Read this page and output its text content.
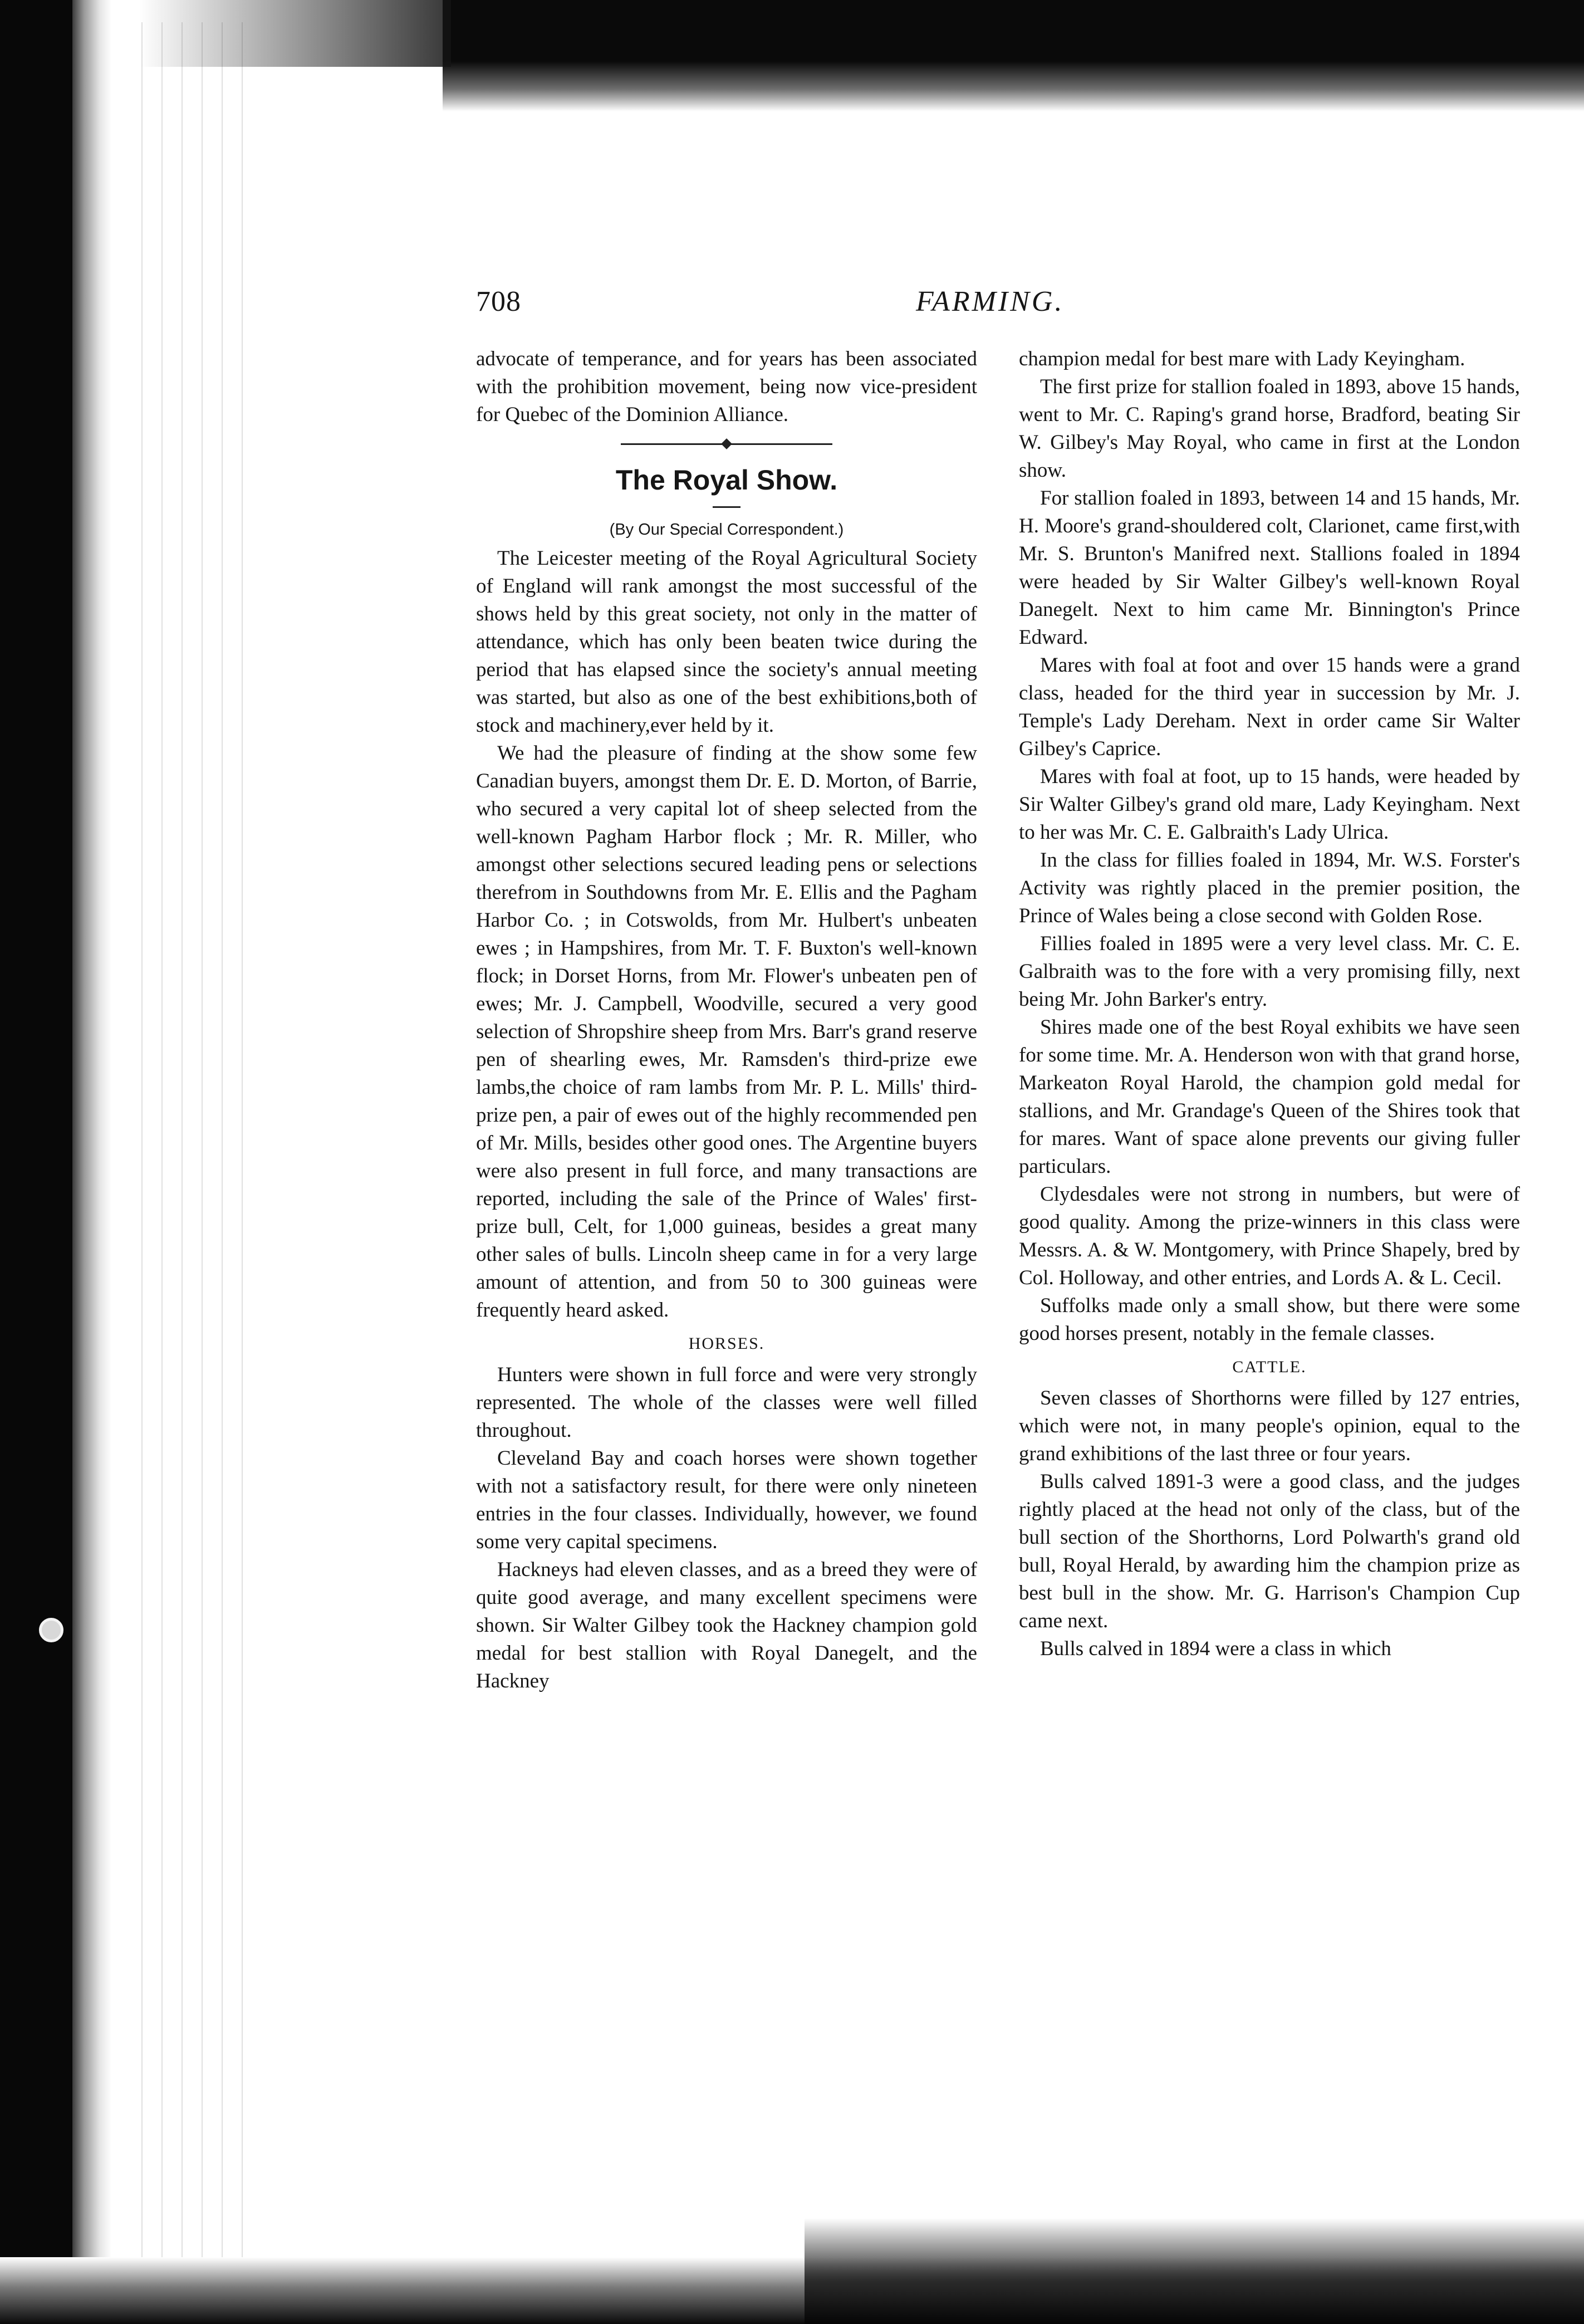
708	FARMING.

advocate of temperance, and for years has been associated with the prohibition movement, being now vice-president for Quebec of the Dominion Alliance.

The Royal Show.
(By Our Special Correspondent.)

The Leicester meeting of the Royal Agricultural Society of England will rank amongst the most successful of the shows held by this great society, not only in the matter of attendance, which has only been beaten twice during the period that has elapsed since the society's annual meeting was started, but also as one of the best exhibitions,both of stock and machinery,ever held by it.

We had the pleasure of finding at the show some few Canadian buyers, amongst them Dr. E. D. Morton, of Barrie, who secured a very capital lot of sheep selected from the well-known Pagham Harbor flock ; Mr. R. Miller, who amongst other selections secured leading pens or selections therefrom in Southdowns from Mr. E. Ellis and the Pagham Harbor Co. ; in Cotswolds, from Mr. Hulbert's unbeaten ewes ; in Hampshires, from Mr. T. F. Buxton's well-known flock; in Dorset Horns, from Mr. Flower's unbeaten pen of ewes; Mr. J. Campbell, Woodville, secured a very good selection of Shropshire sheep from Mrs. Barr's grand reserve pen of shearling ewes, Mr. Ramsden's third-prize ewe lambs,the choice of ram lambs from Mr. P. L. Mills' third-prize pen, a pair of ewes out of the highly recommended pen of Mr. Mills, besides other good ones. The Argentine buyers were also present in full force, and many transactions are reported, including the sale of the Prince of Wales' first-prize bull, Celt, for 1,000 guineas, besides a great many other sales of bulls. Lincoln sheep came in for a very large amount of attention, and from 50 to 300 guineas were frequently heard asked.

HORSES.

Hunters were shown in full force and were very strongly represented. The whole of the classes were well filled throughout.

Cleveland Bay and coach horses were shown together with not a satisfactory result, for there were only nineteen entries in the four classes. Individually, however, we found some very capital specimens.

Hackneys had eleven classes, and as a breed they were of quite good average, and many excellent specimens were shown. Sir Walter Gilbey took the Hackney champion gold medal for best stallion with Royal Danegelt, and the Hackney

champion medal for best mare with Lady Keyingham.

The first prize for stallion foaled in 1893, above 15 hands, went to Mr. C. Raping's grand horse, Bradford, beating Sir W. Gilbey's May Royal, who came in first at the London show.

For stallion foaled in 1893, between 14 and 15 hands, Mr. H. Moore's grand-shouldered colt, Clarionet, came first,with Mr. S. Brunton's Manifred next. Stallions foaled in 1894 were headed by Sir Walter Gilbey's well-known Royal Danegelt. Next to him came Mr. Binnington's Prince Edward.

Mares with foal at foot and over 15 hands were a grand class, headed for the third year in succession by Mr. J. Temple's Lady Dereham. Next in order came Sir Walter Gilbey's Caprice.

Mares with foal at foot, up to 15 hands, were headed by Sir Walter Gilbey's grand old mare, Lady Keyingham. Next to her was Mr. C. E. Galbraith's Lady Ulrica.

In the class for fillies foaled in 1894, Mr. W.S. Forster's Activity was rightly placed in the premier position, the Prince of Wales being a close second with Golden Rose.

Fillies foaled in 1895 were a very level class. Mr. C. E. Galbraith was to the fore with a very promising filly, next being Mr. John Barker's entry.

Shires made one of the best Royal exhibits we have seen for some time. Mr. A. Henderson won with that grand horse, Markeaton Royal Harold, the champion gold medal for stallions, and Mr. Grandage's Queen of the Shires took that for mares. Want of space alone prevents our giving fuller particulars.

Clydesdales were not strong in numbers, but were of good quality. Among the prize-winners in this class were Messrs. A. & W. Montgomery, with Prince Shapely, bred by Col. Holloway, and other entries, and Lords A. & L. Cecil.

Suffolks made only a small show, but there were some good horses present, notably in the female classes.

CATTLE.

Seven classes of Shorthorns were filled by 127 entries, which were not, in many people's opinion, equal to the grand exhibitions of the last three or four years.

Bulls calved 1891-3 were a good class, and the judges rightly placed at the head not only of the class, but of the bull section of the Shorthorns, Lord Polwarth's grand old bull, Royal Herald, by awarding him the champion prize as best bull in the show. Mr. G. Harrison's Champion Cup came next.

Bulls calved in 1894 were a class in which
